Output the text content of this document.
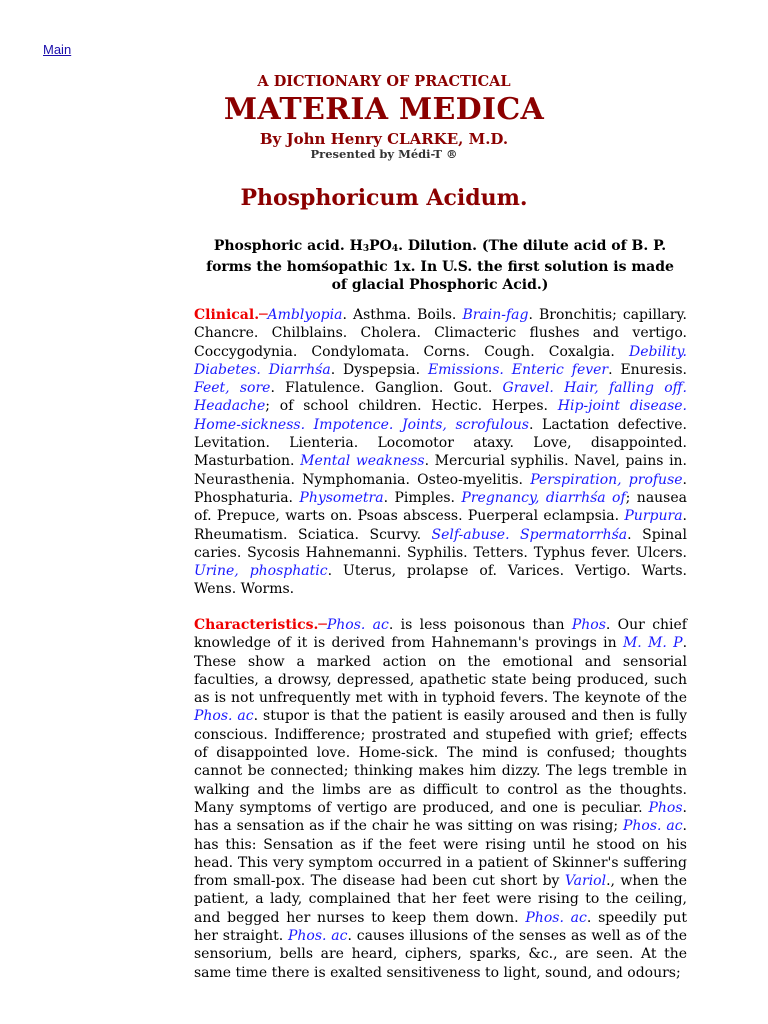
Main
A DICTIONARY OF PRACTICAL
MATERIA MEDICA
By John Henry CLARKE, M.D.
Presented by Médi-T ®
Phosphoricum Acidum.
Phosphoric acid. $H_3PO_4$. Dilution. (The dilute acid of B. P. forms the homśopathic 1x. In U.S. the first solution is made of glacial Phosphoric Acid.)
Clinical.─Amblyopia. Asthma. Boils. Brain-fag. Bronchitis; capillary. Chancre. Chilblains. Cholera. Climacteric flushes and vertigo. Coccygodynia. Condylomata. Corns. Cough. Coxalgia. Debility. Diabetes. Diarrhśa. Dyspepsia. Emissions. Enteric fever. Enuresis. Feet, sore. Flatulence. Ganglion. Gout. Gravel. Hair, falling off. Headache; of school children. Hectic. Herpes. Hip-joint disease. Home-sickness. Impotence. Joints, scrofulous. Lactation defective. Levitation. Lienteria. Locomotor ataxy. Love, disappointed. Masturbation. Mental weakness. Mercurial syphilis. Navel, pains in. Neurasthenia. Nymphomania. Osteo-myelitis. Perspiration, profuse. Phosphaturia. Physometra. Pimples. Pregnancy, diarrhśa of; nausea of. Prepuce, warts on. Psoas abscess. Puerperal eclampsia. Purpura. Rheumatism. Sciatica. Scurvy. Self-abuse. Spermatorrhśa. Spinal caries. Sycosis Hahnemanni. Syphilis. Tetters. Typhus fever. Ulcers. Urine, phosphatic. Uterus, prolapse of. Varices. Vertigo. Warts. Wens. Worms.
Characteristics.─Phos. ac. is less poisonous than Phos. Our chief knowledge of it is derived from Hahnemann's provings in M. M. P. These show a marked action on the emotional and sensorial faculties, a drowsy, depressed, apathetic state being produced, such as is not unfrequently met with in typhoid fevers. The keynote of the Phos. ac. stupor is that the patient is easily aroused and then is fully conscious. Indifference; prostrated and stupefied with grief; effects of disappointed love. Home-sick. The mind is confused; thoughts cannot be connected; thinking makes him dizzy. The legs tremble in walking and the limbs are as difficult to control as the thoughts. Many symptoms of vertigo are produced, and one is peculiar. Phos. has a sensation as if the chair he was sitting on was rising; Phos. ac. has this: Sensation as if the feet were rising until he stood on his head. This very symptom occurred in a patient of Skinner's suffering from small-pox. The disease had been cut short by Variol., when the patient, a lady, complained that her feet were rising to the ceiling, and begged her nurses to keep them down. Phos. ac. speedily put her straight. Phos. ac. causes illusions of the senses as well as of the sensorium, bells are heard, ciphers, sparks, &c., are seen. At the same time there is exalted sensitiveness to light, sound, and odours;
